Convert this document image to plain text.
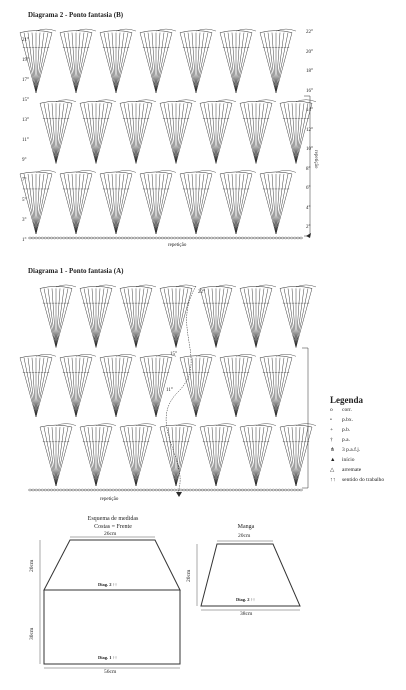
Diagrama 2 - Ponto fantasia (B)
21°
19°
17°
15°
13°
11°
9°
7°
5°
3°
1°
22°
20°
18°
16°
14°
12°
10°
8°
6°
4°
2°
repetição
repetição
Diagrama 1 - Ponto fantasia (A)
22°
15°
11°
repetição
Legenda
o corr.
• p.bx.
+ p.b.
† p.a.
⋔ 3 p.a.f.j.
▲ início
△ arremate
↑↑ sentido do trabalho
Esquema de medidas
Costas = Frente
26cm
20cm
30cm
56cm
Diag. 2 ↑↑
Diag. 1 ↑↑
Manga
20cm
20cm
38cm
Diag. 2 ↑↑
